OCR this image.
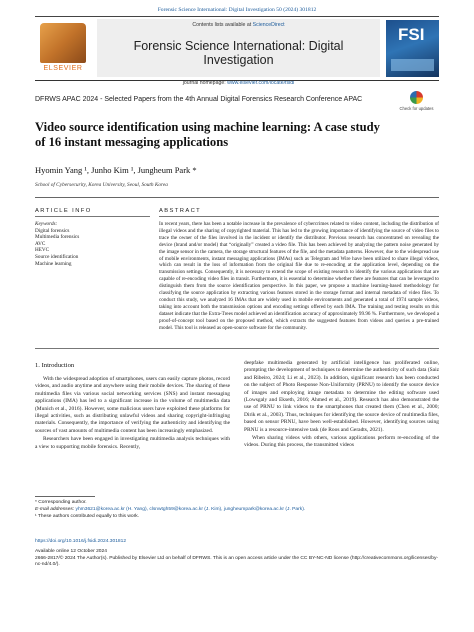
Forensic Science International: Digital Investigation 50 (2024) 301812
ELSEVIER
Contents lists available at ScienceDirect
Forensic Science International: Digital Investigation
journal homepage: www.elsevier.com/locate/fsidi
FSI
DFRWS APAC 2024 - Selected Papers from the 4th Annual Digital Forensics Research Conference APAC
Check for updates
Video source identification using machine learning: A case study of 16 instant messaging applications
Hyomin Yang ¹, Junho Kim ¹, Jungheum Park *
School of Cybersecurity, Korea University, Seoul, South Korea
ARTICLE INFO	ABSTRACT
Keywords:
Digital forensics
Multimedia forensics
AVC
HEVC
Source identification
Machine learning
In recent years, there has been a notable increase in the prevalence of cybercrimes related to video content, including the distribution of illegal videos and the sharing of copyrighted material. This has led to the growing importance of identifying the source of video files to trace the owner of the files involved in the incident or identify the distributor. Previous research has concentrated on revealing the device (brand and/or model) that “originally” created a video file. This has been achieved by analyzing the pattern noise generated by the image sensor in the camera, the storage structural features of the file, and the metadata patterns. However, due to the widespread use of mobile environments, instant messaging applications (IMAs) such as Telegram and Wire have been utilized to share illegal videos, which can result in the loss of information from the original file due to re-encoding at the application level, depending on the transmission settings. Consequently, it is necessary to extend the scope of existing research to identify the various applications that are capable of re-encoding video files in transit. Furthermore, it is essential to determine whether there are features that can be leveraged to distinguish them from the source identification perspective. In this paper, we propose a machine learning-based methodology for classifying the source application by extracting various features stored in the storage format and internal metadata of video files. To conduct this study, we analyzed 16 IMAs that are widely used in mobile environments and generated a total of 1974 sample videos, taking into account both the transmission options and encoding settings offered by each IMA. The training and testing results on this dataset indicate that the Extra-Trees model achieved an identification accuracy of approximately 99.96 %. Furthermore, we developed a proof-of-concept tool based on the proposed method, which extracts the suggested features from videos and queries a pre-trained model. This tool is released as open-source software for the community.
1. Introduction

With the widespread adoption of smartphones, users can easily capture photos, record videos, and audio anytime and anywhere using their mobile devices. The sharing of these multimedia files via various social networking services (SNS) and instant messaging applications (IMA) has led to a significant increase in the volume of multimedia data (Munich et al., 2016). However, some malicious users have exploited these platforms for illegal activities, such as distributing unlawful videos and sharing copyright-infringing materials. Consequently, the importance of verifying the authenticity and identifying the sources of vast amounts of multimedia content has been increasingly emphasized.

Researchers have been engaged in investigating multimedia analysis techniques with a view to supporting mobile forensics. Recently,

deepfake multimedia generated by artificial intelligence has proliferated online, prompting the development of techniques to determine the authenticity of such data (Saiz and Ribeiro, 2024; Li et al., 2023). In addition, significant research has been conducted on the subject of Photo Response Non-Uniformity (PRNU) to identify the source device of images and employing image metadata to determine the editing software used (Lowsgaly and Ekseth, 2016; Ahmed et al., 2019). Research has also demonstrated the use of PRNU to link videos to the smartphones that created them (Chen et al., 2000; Dirik et al., 2003). Thus, techniques for identifying the source device of multimedia files, based on sensor PRNU, have been well-established. However, identifying sources using PRNU is a resource-intensive task (de Roos and Geradts, 2021).

When sharing videos with others, various applications perform re-encoding of the videos. During this process, the transmitted videos

* Corresponding author.
E-mail addresses: yhm3621@korea.ac.kr (H. Yang), clsnwtgh59@korea.ac.kr (J. Kim), jungheumpark@korea.ac.kr (J. Park).
¹ These authors contributed equally to this work.
https://doi.org/10.1016/j.fsidi.2024.301812
Available online 12 October 2024
2666-2817/© 2024 The Author(s). Published by Elsevier Ltd on behalf of DFRWS. This is an open access article under the CC BY-NC-ND license (http://creativecommons.org/licenses/by-nc-nd/4.0/).
